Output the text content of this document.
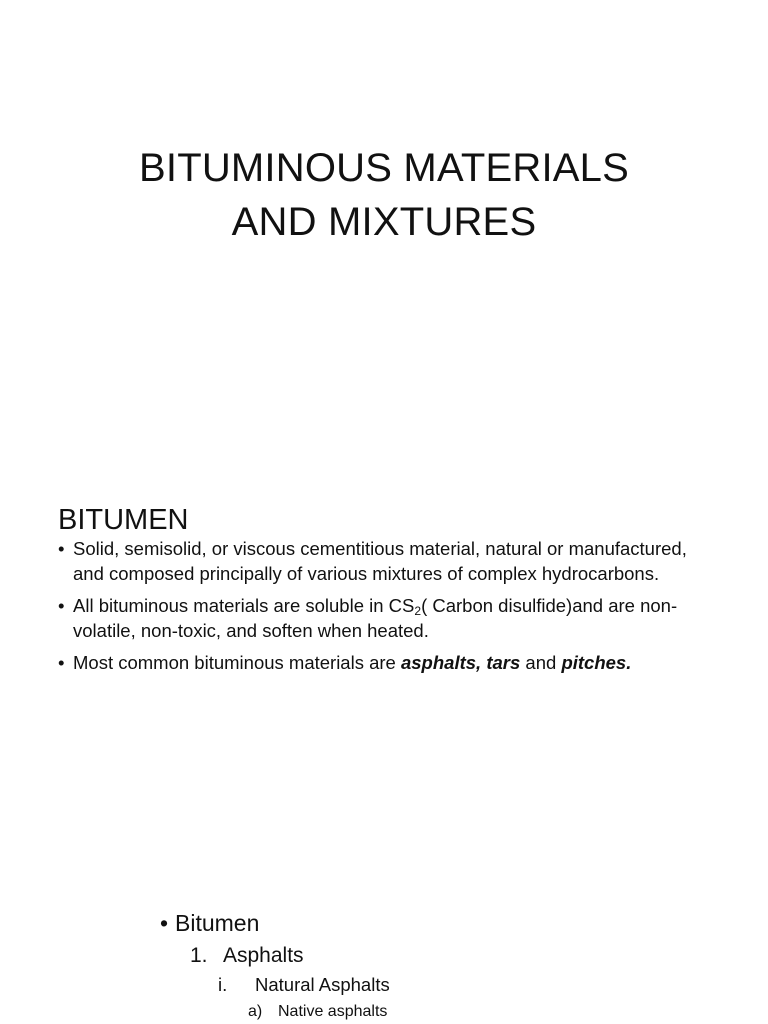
BITUMINOUS MATERIALS
AND MIXTURES
BITUMEN
• Solid, semisolid, or viscous cementitious material, natural or manufactured, and composed principally of various mixtures of complex hydrocarbons.
• All bituminous materials are soluble in $CS_2$( Carbon disulfide)and are non-volatile, non-toxic, and soften when heated.
• Most common bituminous materials are asphalts, tars and pitches.
• Bitumen
1. Asphalts
i. Natural Asphalts
a) Native asphalts
